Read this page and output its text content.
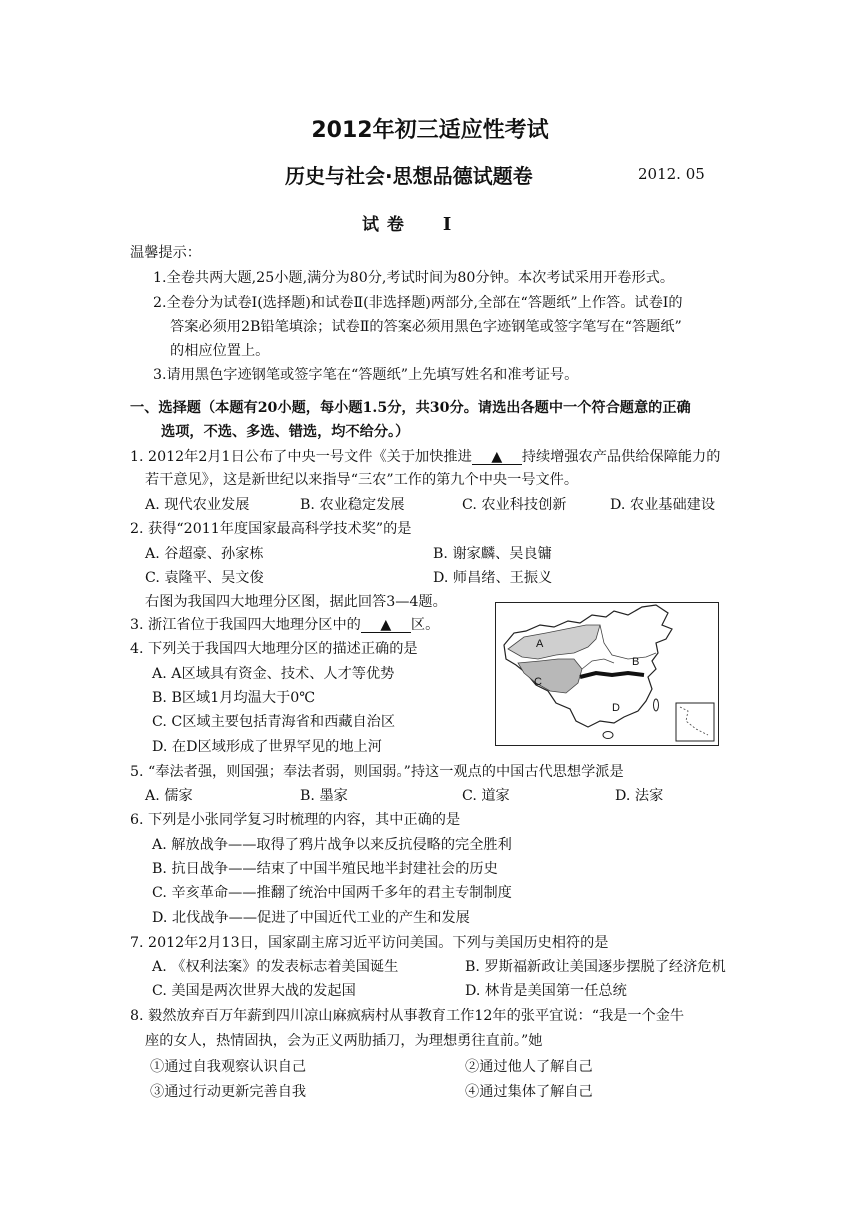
2012年初三适应性考试
历史与社会·思想品德试题卷	2012. 05
试 卷 Ⅰ
温馨提示：
1.全卷共两大题,25小题,满分为80分,考试时间为80分钟。本次考试采用开卷形式。
2.全卷分为试卷Ⅰ(选择题)和试卷Ⅱ(非选择题)两部分,全部在“答题纸”上作答。试卷Ⅰ的
答案必须用2B铅笔填涂；试卷Ⅱ的答案必须用黑色字迹钢笔或签字笔写在“答题纸”
的相应位置上。
3.请用黑色字迹钢笔或签字笔在“答题纸”上先填写姓名和准考证号。
一、选择题（本题有20小题，每小题1.5分，共30分。请选出各题中一个符合题意的正确
选项，不选、多选、错选，均不给分。）
1. 2012年2月1日公布了中央一号文件《关于加快推进 ▲ 持续增强农产品供给保障能力的
若干意见》，这是新世纪以来指导“三农”工作的第九个中央一号文件。
A. 现代农业发展	B. 农业稳定发展	C. 农业科技创新	D. 农业基础建设
2. 获得“2011年度国家最高科学技术奖”的是
A. 谷超豪、孙家栋	B. 谢家麟、吴良镛
C. 袁隆平、吴文俊	D. 师昌绪、王振义
右图为我国四大地理分区图，据此回答3—4题。
3. 浙江省位于我国四大地理分区中的 ▲ 区。
4. 下列关于我国四大地理分区的描述正确的是
A. A区域具有资金、技术、人才等优势
B. B区域1月均温大于0℃
C. C区域主要包括青海省和西藏自治区
D. 在D区域形成了世界罕见的地上河
A
B
C
D
5. “奉法者强，则国强；奉法者弱，则国弱。”持这一观点的中国古代思想学派是
A. 儒家	B. 墨家	C. 道家	D. 法家
6. 下列是小张同学复习时梳理的内容，其中正确的是
A. 解放战争——取得了鸦片战争以来反抗侵略的完全胜利
B. 抗日战争——结束了中国半殖民地半封建社会的历史
C. 辛亥革命——推翻了统治中国两千多年的君主专制制度
D. 北伐战争——促进了中国近代工业的产生和发展
7. 2012年2月13日，国家副主席习近平访问美国。下列与美国历史相符的是
A. 《权利法案》的发表标志着美国诞生	B. 罗斯福新政让美国逐步摆脱了经济危机
C. 美国是两次世界大战的发起国	D. 林肯是美国第一任总统
8. 毅然放弃百万年薪到四川凉山麻疯病村从事教育工作12年的张平宜说：“我是一个金牛
座的女人，热情固执，会为正义两肋插刀，为理想勇往直前。”她
①通过自我观察认识自己	②通过他人了解自己
③通过行动更新完善自我	④通过集体了解自己
